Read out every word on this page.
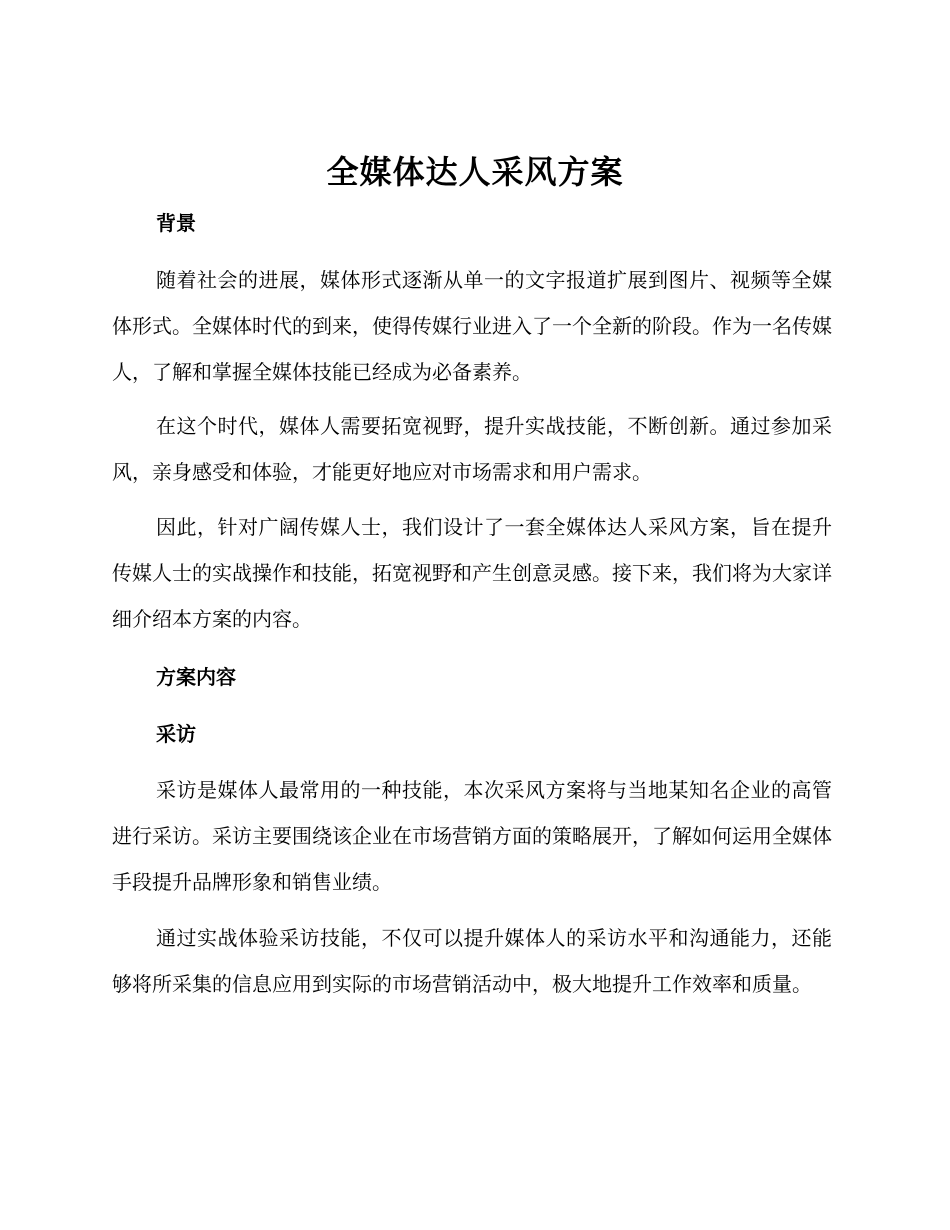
全媒体达人采风方案
背景

随着社会的进展，媒体形式逐渐从单一的文字报道扩展到图片、视频等全媒体形式。全媒体时代的到来，使得传媒行业进入了一个全新的阶段。作为一名传媒人，了解和掌握全媒体技能已经成为必备素养。

在这个时代，媒体人需要拓宽视野，提升实战技能，不断创新。通过参加采风，亲身感受和体验，才能更好地应对市场需求和用户需求。

因此，针对广阔传媒人士，我们设计了一套全媒体达人采风方案，旨在提升传媒人士的实战操作和技能，拓宽视野和产生创意灵感。接下来，我们将为大家详细介绍本方案的内容。

方案内容
采访

采访是媒体人最常用的一种技能，本次采风方案将与当地某知名企业的高管进行采访。采访主要围绕该企业在市场营销方面的策略展开，了解如何运用全媒体手段提升品牌形象和销售业绩。

通过实战体验采访技能，不仅可以提升媒体人的采访水平和沟通能力，还能够将所采集的信息应用到实际的市场营销活动中，极大地提升工作效率和质量。
